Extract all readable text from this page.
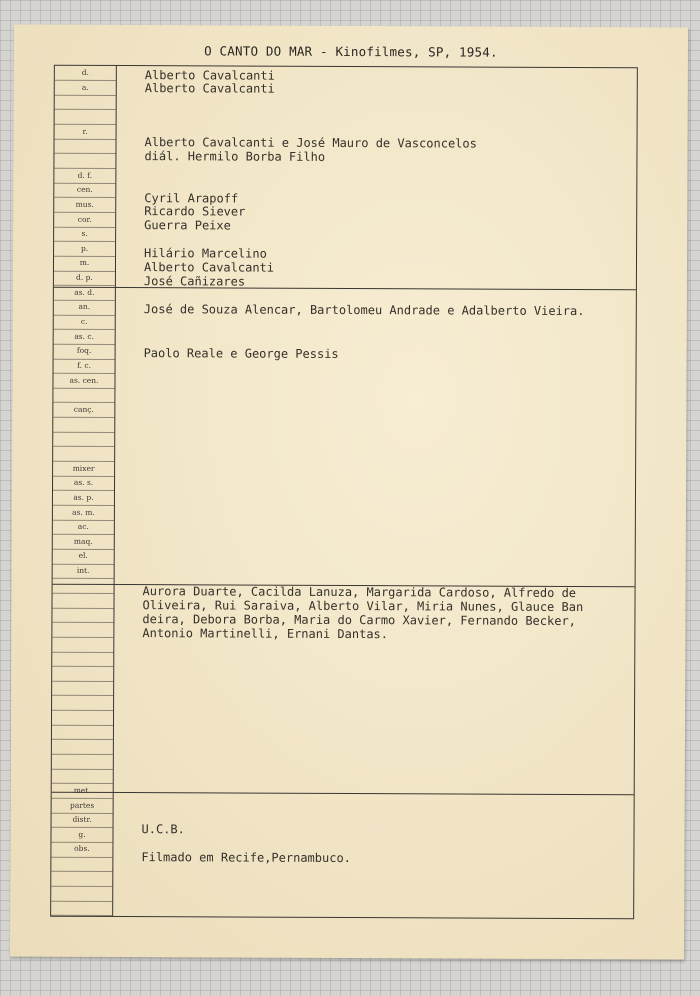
O CANTO DO MAR - Kinofilmes, SP, 1954.
d.
a.
r.
d. f.
cen.
mus.
cor.
s.
p.
m.
d. p.
as. d.
an.
c.
as. c.
foq.
f. c.
as. cen.
canç.
mixer
as. s.
as. p.
as. m.
ac.
maq.
el.
int.
met.
partes
distr.
g.
obs.
Alberto Cavalcanti
Alberto Cavalcanti
Alberto Cavalcanti e José Mauro de Vasconcelos
diál. Hermilo Borba Filho
Cyril Arapoff
Ricardo Siever
Guerra Peixe
Hilário Marcelino
Alberto Cavalcanti
José Cañizares
José de Souza Alencar, Bartolomeu Andrade e Adalberto Vieira.
Paolo Reale e George Pessis
Aurora Duarte, Cacilda Lanuza, Margarida Cardoso, Alfredo de
Oliveira, Rui Saraiva, Alberto Vilar, Miria Nunes, Glauce Ban
deira, Debora Borba, Maria do Carmo Xavier, Fernando Becker,
Antonio Martinelli, Ernani Dantas.
U.C.B.
Filmado em Recife,Pernambuco.
